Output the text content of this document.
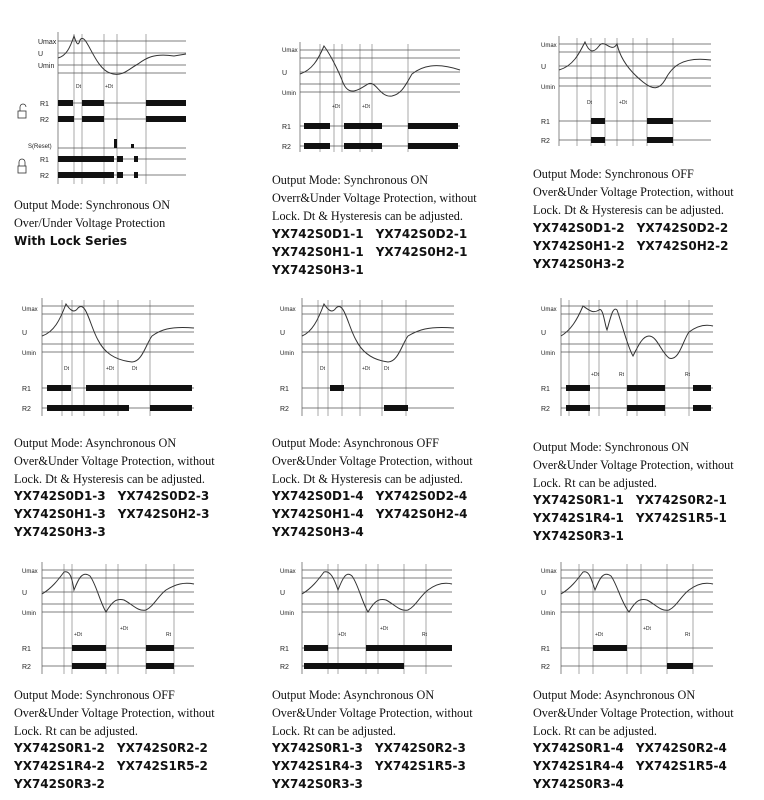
Umax
U
Umin
R1
R2
S(Reset)
R1
R2
Dt	+Dt
Output Mode: Synchronous ON
Over/Under Voltage Protection
With Lock Series
Umax
U
Umin
R1
R2
+Dt	+Dt
Output Mode: Synchronous ON
Overr&Under Voltage Protection, without
Lock. Dt & Hysteresis can be adjusted.
YX742S0D1-1 YX742S0D2-1
YX742S0H1-1 YX742S0H2-1
YX742S0H3-1
Umax
U
Umin
R1
R2
Dt	+Dt
Output Mode: Synchronous OFF
Over&Under Voltage Protection, without
Lock. Dt & Hysteresis can be adjusted.
YX742S0D1-2 YX742S0D2-2
YX742S0H1-2 YX742S0H2-2
YX742S0H3-2
Umax
U
Umin
R1
R2
Dt	+Dt	Dt
Output Mode: Asynchronous ON
Over&Under Voltage Protection, without
Lock. Dt & Hysteresis can be adjusted.
YX742S0D1-3 YX742S0D2-3
YX742S0H1-3 YX742S0H2-3
YX742S0H3-3
Umax
U
Umin
R1
R2
Dt	+Dt	Dt
Output Mode: Asynchronous OFF
Over&Under Voltage Protection, without
Lock. Dt & Hysteresis can be adjusted.
YX742S0D1-4 YX742S0D2-4
YX742S0H1-4 YX742S0H2-4
YX742S0H3-4
Umax
U
Umin
R1
R2
+Dt	Rt	Rt
Output Mode: Synchronous ON
Over&Under Voltage Protection, without
Lock. Rt can be adjusted.
YX742S0R1-1 YX742S0R2-1
YX742S1R4-1 YX742S1R5-1
YX742S0R3-1
Umax
U
Umin
R1
R2
+Dt
+Dt
Rt
Output Mode: Synchronous OFF
Over&Under Voltage Protection, without
Lock. Rt can be adjusted.
YX742S0R1-2 YX742S0R2-2
YX742S1R4-2 YX742S1R5-2
YX742S0R3-2
Umax
U
Umin
R1
R2
+Dt
+Dt
Rt
Output Mode: Asynchronous ON
Over&Under Voltage Protection, without
Lock. Rt can be adjusted.
YX742S0R1-3 YX742S0R2-3
YX742S1R4-3 YX742S1R5-3
YX742S0R3-3
Umax
U
Umin
R1
R2
+Dt
+Dt
Rt
Output Mode: Asynchronous ON
Over&Under Voltage Protection, without
Lock. Rt can be adjusted.
YX742S0R1-4 YX742S0R2-4
YX742S1R4-4 YX742S1R5-4
YX742S0R3-4
